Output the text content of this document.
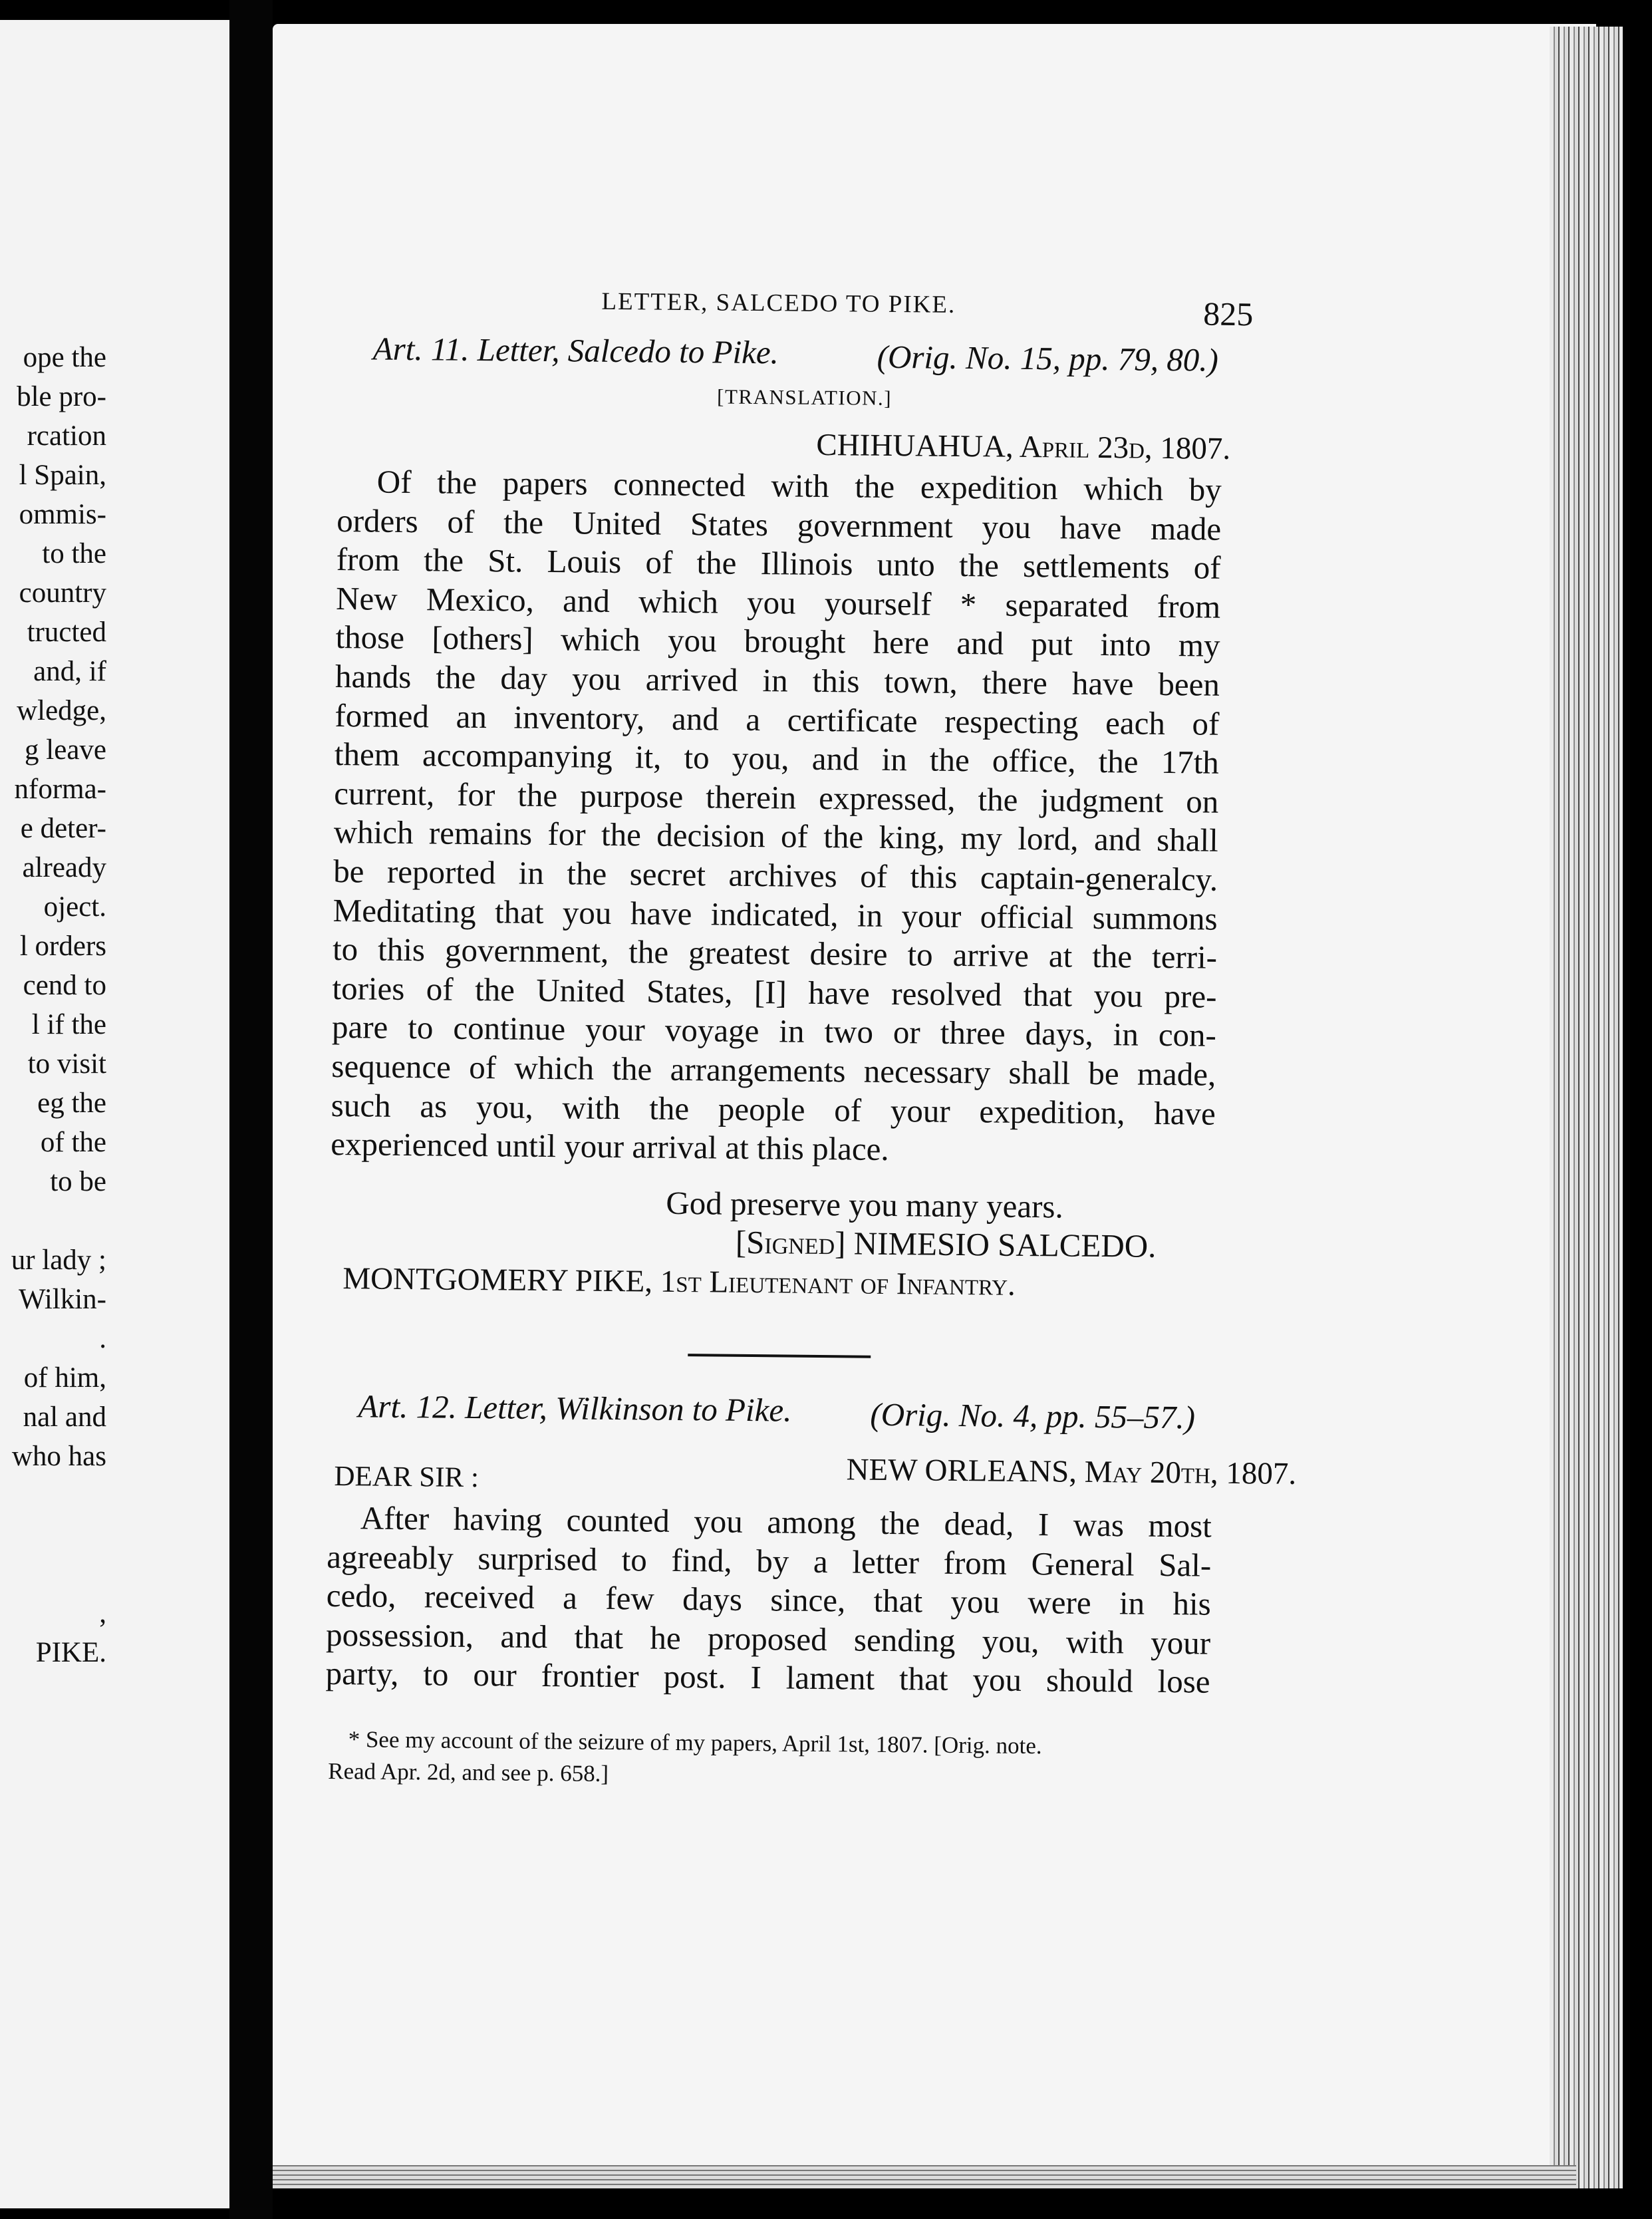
ope the
ble pro-
rcation
l Spain,
ommis-
to the
country
tructed
and, if
wledge,
g leave
nforma-
e deter-
already
oject.
l orders
cend to
l if the
to visit
eg the
of the
to be
ur lady ;
Wilkin-
.
of him,
nal and
who has
,
PIKE.
LETTER, SALCEDO TO PIKE.	825
Art. 11. Letter, Salcedo to Pike.	(Orig. No. 15, pp. 79, 80.)
[TRANSLATION.]
CHIHUAHUA, April 23d, 1807.
Of the papers connected with the expedition which by
orders of the United States government you have made
from the St. Louis of the Illinois unto the settlements of
New Mexico, and which you yourself * separated from
those [others] which you brought here and put into my
hands the day you arrived in this town, there have been
formed an inventory, and a certificate respecting each of
them accompanying it, to you, and in the office, the 17th
current, for the purpose therein expressed, the judgment on
which remains for the decision of the king, my lord, and shall
be reported in the secret archives of this captain-generalcy.
Meditating that you have indicated, in your official summons
to this government, the greatest desire to arrive at the terri-
tories of the United States, [I] have resolved that you pre-
pare to continue your voyage in two or three days, in con-
sequence of which the arrangements necessary shall be made,
such as you, with the people of your expedition, have
experienced until your arrival at this place.
God preserve you many years.
[Signed] NIMESIO SALCEDO.
MONTGOMERY PIKE, 1st Lieutenant of Infantry.
Art. 12. Letter, Wilkinson to Pike. (Orig. No. 4, pp. 55–57.)
NEW ORLEANS, May 20th, 1807.
DEAR SIR :
After having counted you among the dead, I was most
agreeably surprised to find, by a letter from General Sal-
cedo, received a few days since, that you were in his
possession, and that he proposed sending you, with your
party, to our frontier post. I lament that you should lose
* See my account of the seizure of my papers, April 1st, 1807. [Orig. note.
Read Apr. 2d, and see p. 658.]
